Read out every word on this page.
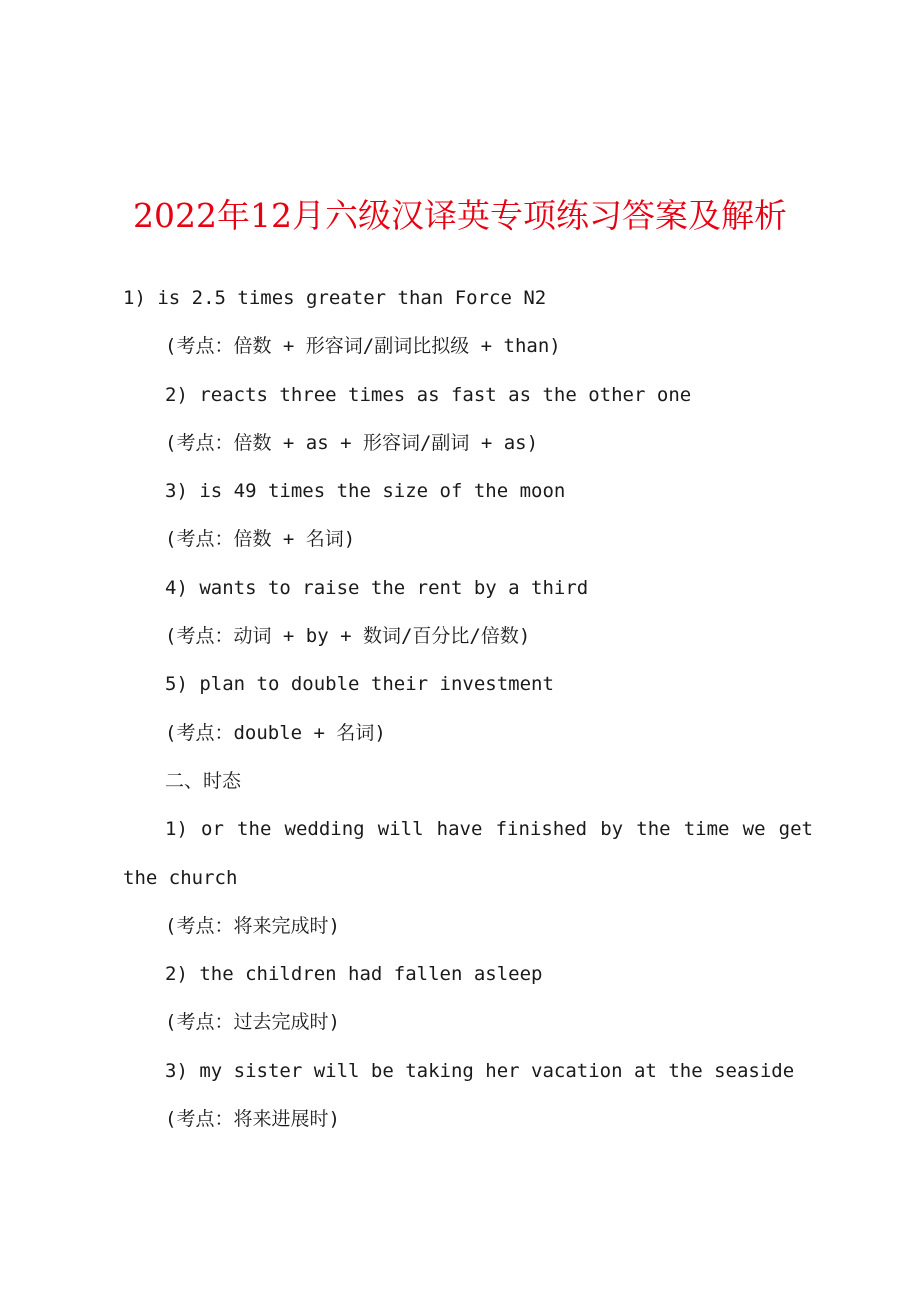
2022年12月六级汉译英专项练习答案及解析
1) is 2.5 times greater than Force N2
(考点：倍数 + 形容词/副词比拟级 + than)
2) reacts three times as fast as the other one
(考点：倍数 + as + 形容词/副词 + as)
3) is 49 times the size of the moon
(考点：倍数 + 名词)
4) wants to raise the rent by a third
(考点：动词 + by + 数词/百分比/倍数)
5) plan to double their investment
(考点：double + 名词)
二、时态
1) or the wedding will have finished by the time we get
the church
(考点：将来完成时)
2) the children had fallen asleep
(考点：过去完成时)
3) my sister will be taking her vacation at the seaside
(考点：将来进展时)
